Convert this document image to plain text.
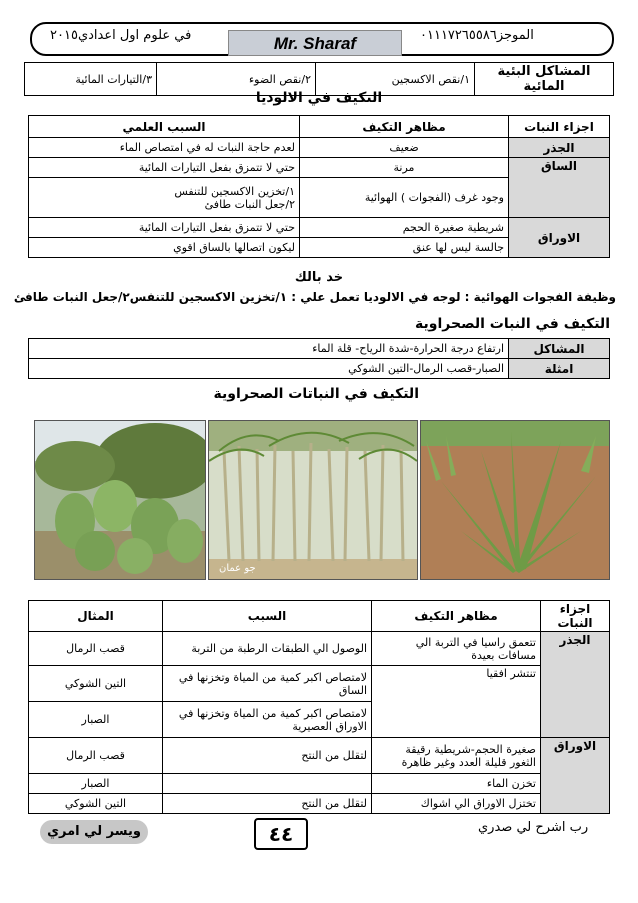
في علوم اول اعدادي٢٠١٥	Mr. Sharaf	الموجز٠١١١٧٢٦٥٥٨٦
المشاكل البئية المائية	١/نقص الاكسجين	٢/نقص الضوء	٣/التيارات المائية
التكيف في الالوديا
اجزاء النبات	مظاهر التكيف	السبب العلمي
الجذر	ضعيف	لعدم حاجة النبات له في امتصاص الماء
الساق	مرنة	حتي لا تتمزق بفعل التيارات المائية
	وجود غرف (الفجوات ) الهوائية	١/تخزين الاكسجين للتنفس
٢/جعل النبات طافئ

الاوراق	شريطية صغيرة الحجم	حتي لا تتمزق بفعل التيارات المائية
	جالسة ليس لها عنق	ليكون اتصالها بالساق اقوي
خد بالك
وظيفة الفجوات الهوائية : لوجه في الالوديا تعمل علي : ١/تخزين الاكسجين للتنفس٢/جعل النبات طافئ
التكيف في النبات الصحراوية
المشاكل	ارتفاع درجة الحرارة-شدة الرياح- قلة الماء
امثلة	الصبار-قصب الرمال-التين الشوكي
التكيف في النباتات الصحراوية
جو عمان
اجزاء النبات	مظاهر التكيف	السبب	المثال
الجذر	تتعمق راسيا في التربة الي مسافات بعيدة	الوصول الي الطبقات الرطبة من التربة	قصب الرمال
	تنتشر افقيا	لامتصاص اكبر كمية من المياة وتخزنها في الساق	التين الشوكي
		لامتصاص اكبر كمية من المياة وتخزنها في الاوراق العصيرية	الصبار
الاوراق	صغيرة الحجم-شريطية رقيقة الثغور قليلة العدد وغير ظاهرة	لتقلل من النتح	قصب الرمال
	تخزن الماء		الصبار
	تختزل الاوراق الي اشواك	لتقلل من النتح	التين الشوكي
ويسر لي امري	٤٤	رب اشرح لي صدري
